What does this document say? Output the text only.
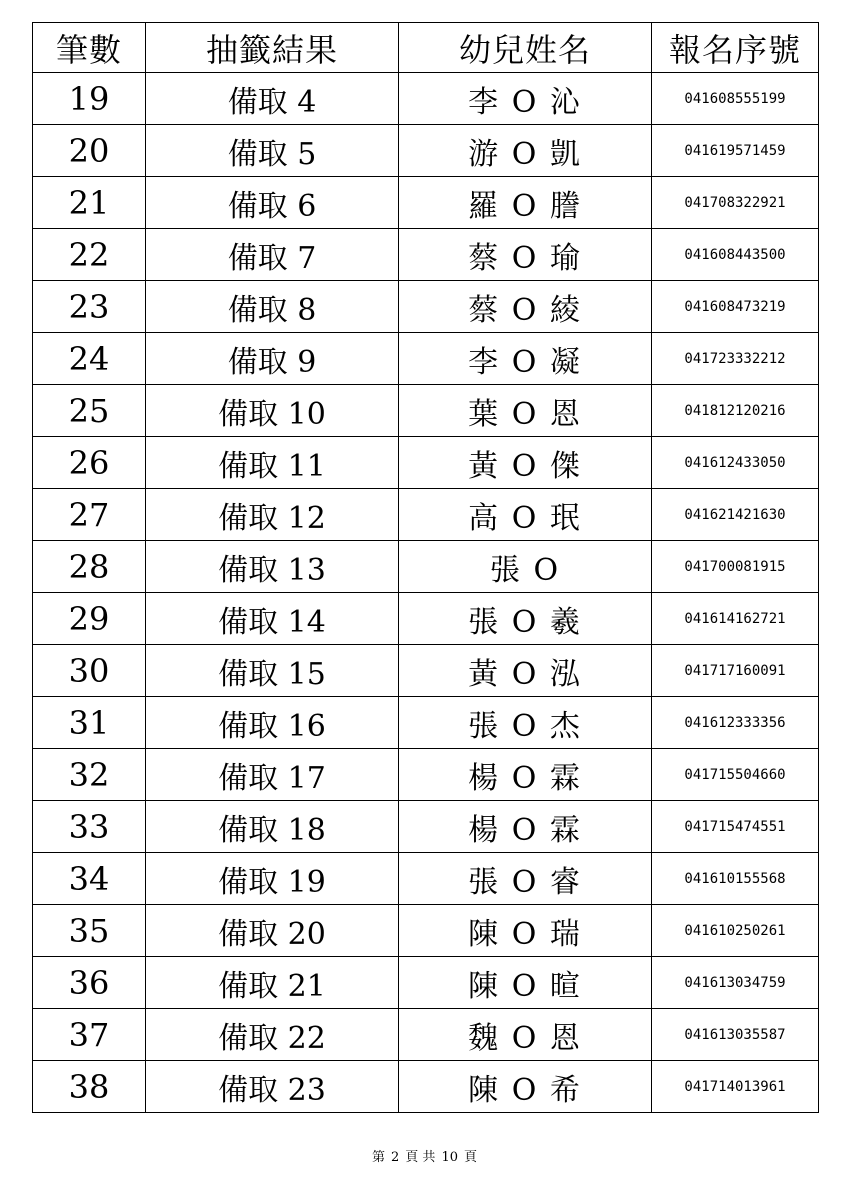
筆數	抽籤結果	幼兒姓名	報名序號
19	備取 4	李 O 沁	041608555199
20	備取 5	游 O 凱	041619571459
21	備取 6	羅 O 謄	041708322921
22	備取 7	蔡 O 瑜	041608443500
23	備取 8	蔡 O 綾	041608473219
24	備取 9	李 O 凝	041723332212
25	備取 10	葉 O 恩	041812120216
26	備取 11	黃 O 傑	041612433050
27	備取 12	高 O 珉	041621421630
28	備取 13	張 O	041700081915
29	備取 14	張 O 羲	041614162721
30	備取 15	黃 O 泓	041717160091
31	備取 16	張 O 杰	041612333356
32	備取 17	楊 O 霖	041715504660
33	備取 18	楊 O 霖	041715474551
34	備取 19	張 O 睿	041610155568
35	備取 20	陳 O 瑞	041610250261
36	備取 21	陳 O 暄	041613034759
37	備取 22	魏 O 恩	041613035587
38	備取 23	陳 O 希	041714013961
第 2 頁 共 10 頁
